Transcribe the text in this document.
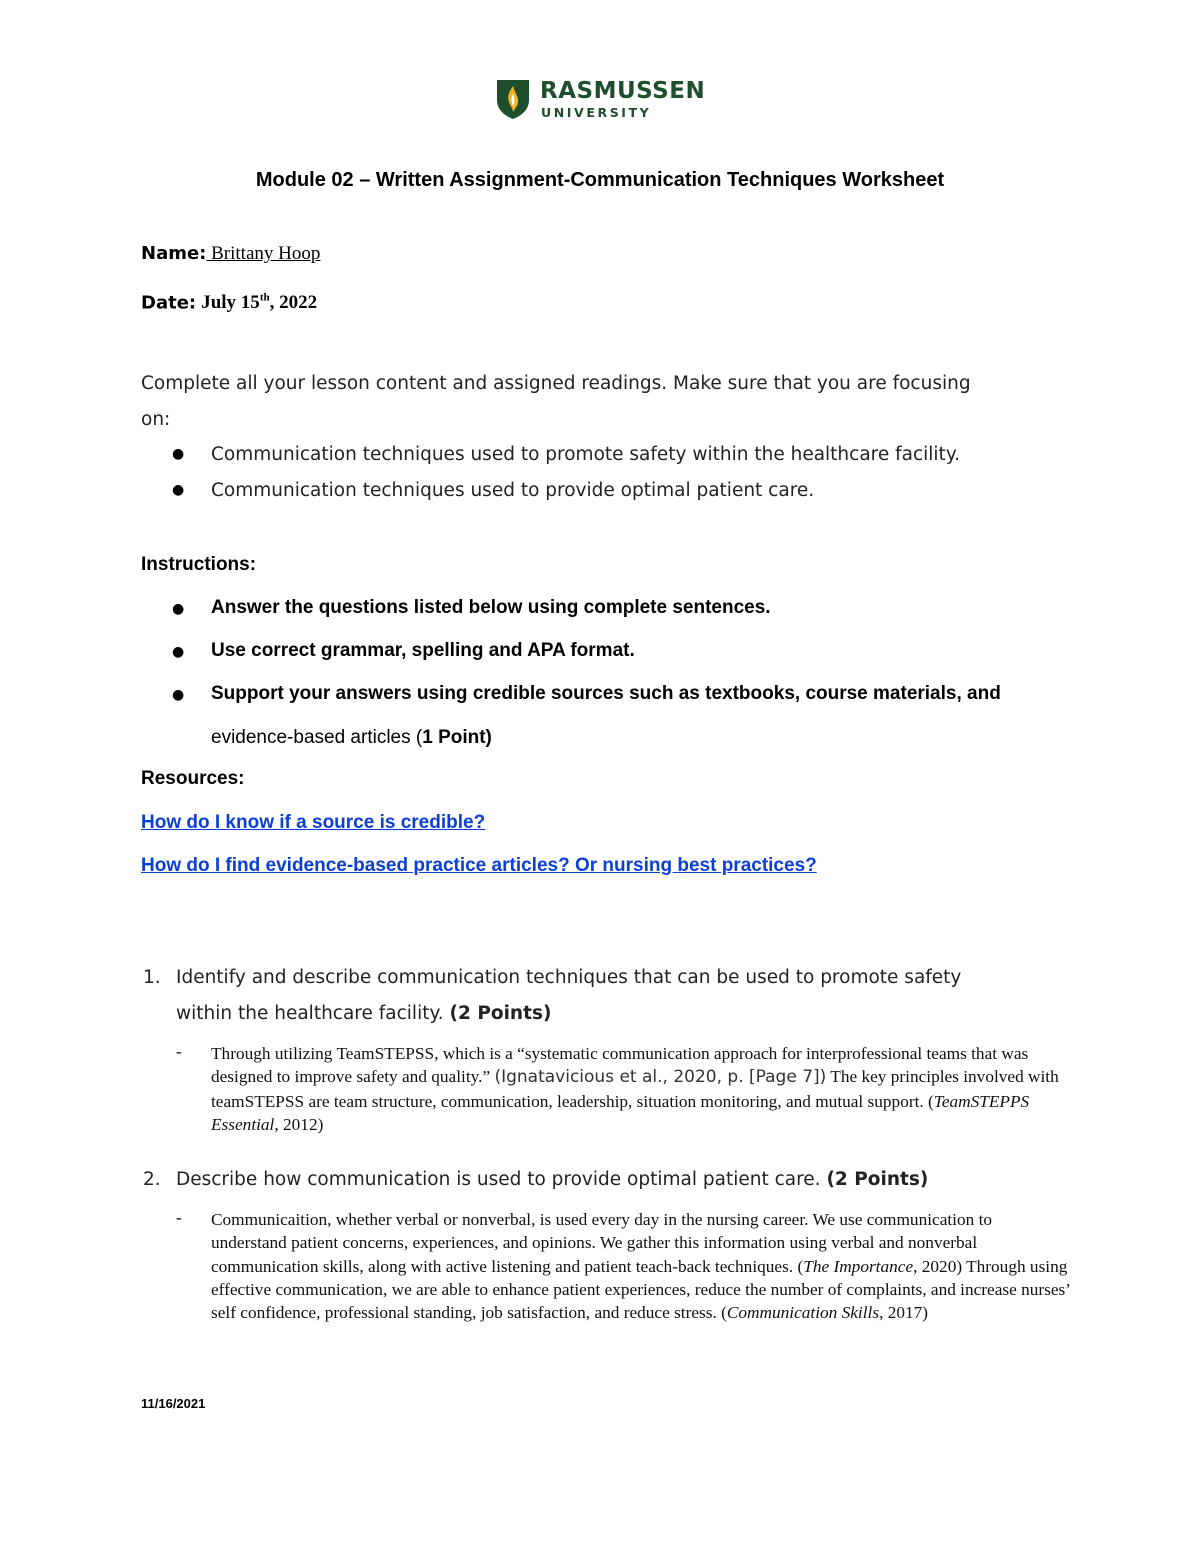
RASMUSSEN
UNIVERSITY
Module 02 – Written Assignment-Communication Techniques Worksheet
Name: Brittany Hoop
Date: July 15th, 2022
Complete all your lesson content and assigned readings. Make sure that you are focusing
on:
● Communication techniques used to promote safety within the healthcare facility.
● Communication techniques used to provide optimal patient care.
Instructions:
● Answer the questions listed below using complete sentences.
● Use correct grammar, spelling and APA format.
● Support your answers using credible sources such as textbooks, course materials, and
evidence-based articles (1 Point)
Resources:
How do I know if a source is credible?
How do I find evidence-based practice articles? Or nursing best practices?
1. Identify and describe communication techniques that can be used to promote safety
within the healthcare facility. (2 Points)
- Through utilizing TeamSTEPSS, which is a “systematic communication approach for interprofessional teams that was designed to improve safety and quality.” (Ignatavicious et al., 2020, p. [Page 7]) The key principles involved with teamSTEPSS are team structure, communication, leadership, situation monitoring, and mutual support. (TeamSTEPPS Essential, 2012)
2. Describe how communication is used to provide optimal patient care. (2 Points)
- Communicaition, whether verbal or nonverbal, is used every day in the nursing career. We use communication to understand patient concerns, experiences, and opinions. We gather this information using verbal and nonverbal communication skills, along with active listening and patient teach-back techniques. (The Importance, 2020) Through using effective communication, we are able to enhance patient experiences, reduce the number of complaints, and increase nurses’ self confidence, professional standing, job satisfaction, and reduce stress. (Communication Skills, 2017)
11/16/2021
